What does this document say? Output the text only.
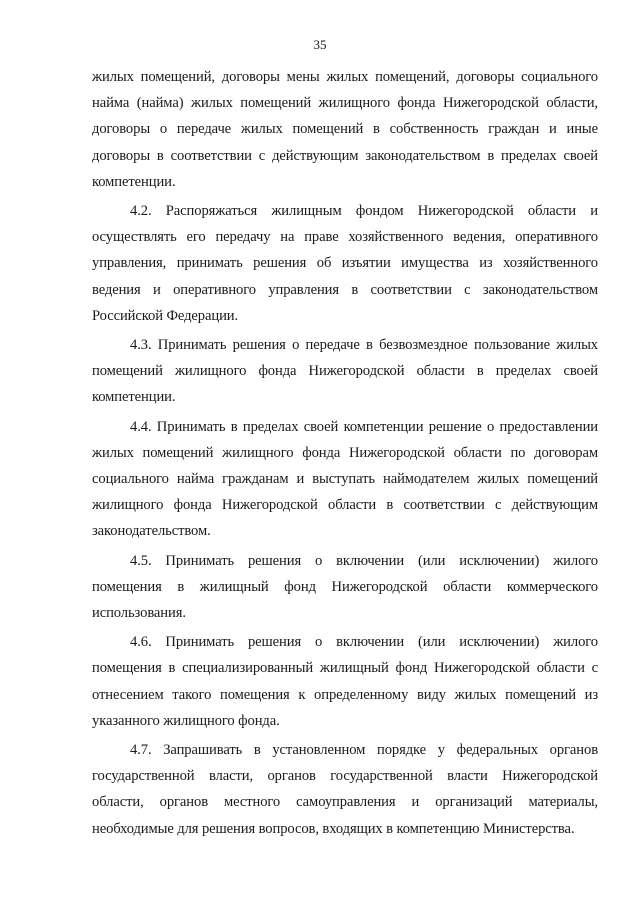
35

жилых помещений, договоры мены жилых помещений, договоры социального найма (найма) жилых помещений жилищного фонда Нижегородской области, договоры о передаче жилых помещений в собственность граждан и иные договоры в соответствии с действующим законодательством в пределах своей компетенции.

4.2. Распоряжаться жилищным фондом Нижегородской области и осуществлять его передачу на праве хозяйственного ведения, оперативного управления, принимать решения об изъятии имущества из хозяйственного ведения и оперативного управления в соответствии с законодательством Российской Федерации.

4.3. Принимать решения о передаче в безвозмездное пользование жилых помещений жилищного фонда Нижегородской области в пределах своей компетенции.

4.4. Принимать в пределах своей компетенции решение о предоставлении жилых помещений жилищного фонда Нижегородской области по договорам социального найма гражданам и выступать наймодателем жилых помещений жилищного фонда Нижегородской области в соответствии с действующим законодательством.

4.5. Принимать решения о включении (или исключении) жилого помещения в жилищный фонд Нижегородской области коммерческого использования.

4.6. Принимать решения о включении (или исключении) жилого помещения в специализированный жилищный фонд Нижегородской области с отнесением такого помещения к определенному виду жилых помещений из указанного жилищного фонда.

4.7. Запрашивать в установленном порядке у федеральных органов государственной власти, органов государственной власти Нижегородской области, органов местного самоуправления и организаций материалы, необходимые для решения вопросов, входящих в компетенцию Министерства.
